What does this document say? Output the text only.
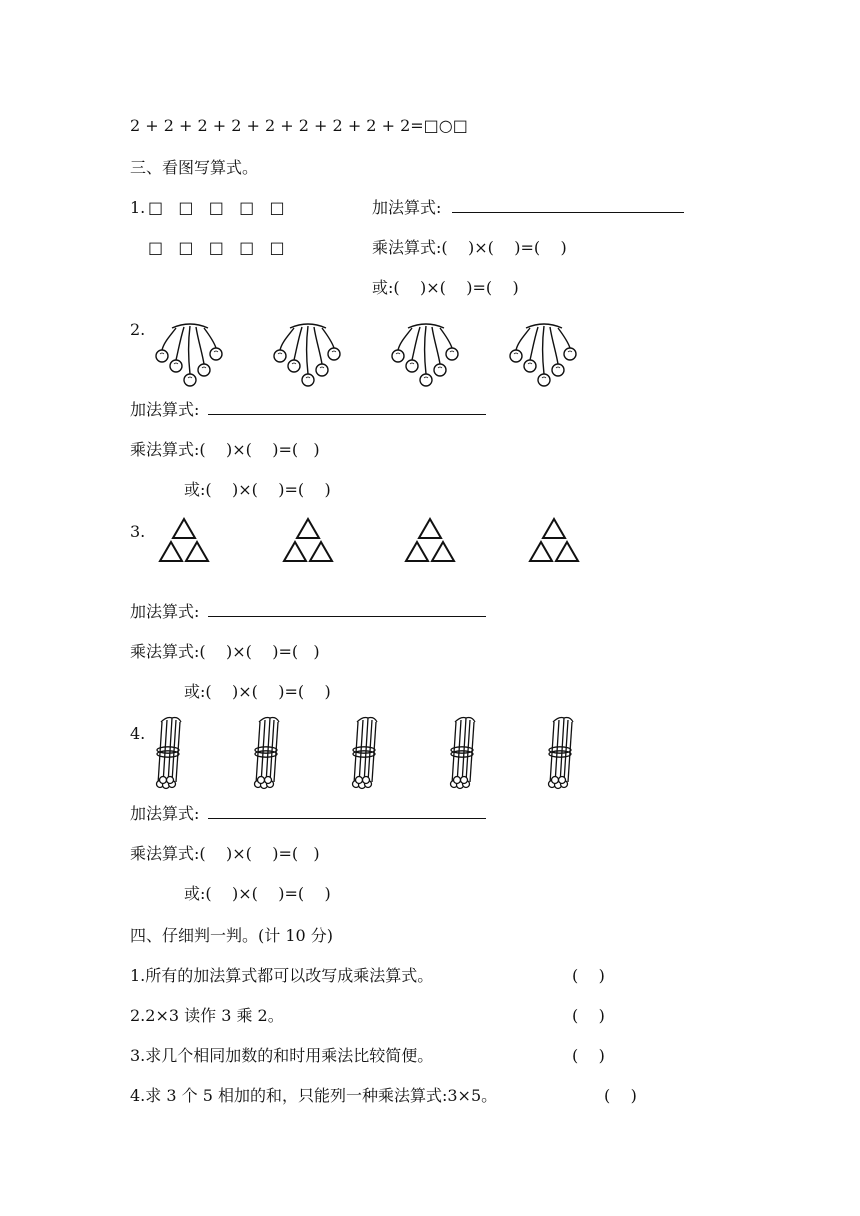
2 + 2 + 2 + 2 + 2 + 2 + 2 + 2 + 2=□○□
三、看图写算式。
1. □   □   □   □   □
□   □   □   □   □
加法算式:
乘法算式:(    )×(    )=(    )
或:(    )×(    )=(    )
2.
加法算式:
乘法算式:(    )×(    )=(   )
或:(    )×(    )=(    )
3.
加法算式:
乘法算式:(    )×(    )=(   )
或:(    )×(    )=(    )
4.
加法算式:
乘法算式:(    )×(    )=(   )
或:(    )×(    )=(    )
四、仔细判一判。(计 10 分)
1.所有的加法算式都可以改写成乘法算式。	(    )
2.2×3 读作 3 乘 2。	(    )
3.求几个相同加数的和时用乘法比较简便。	(    )
4.求 3 个 5 相加的和，只能列一种乘法算式:3×5。	(    )
